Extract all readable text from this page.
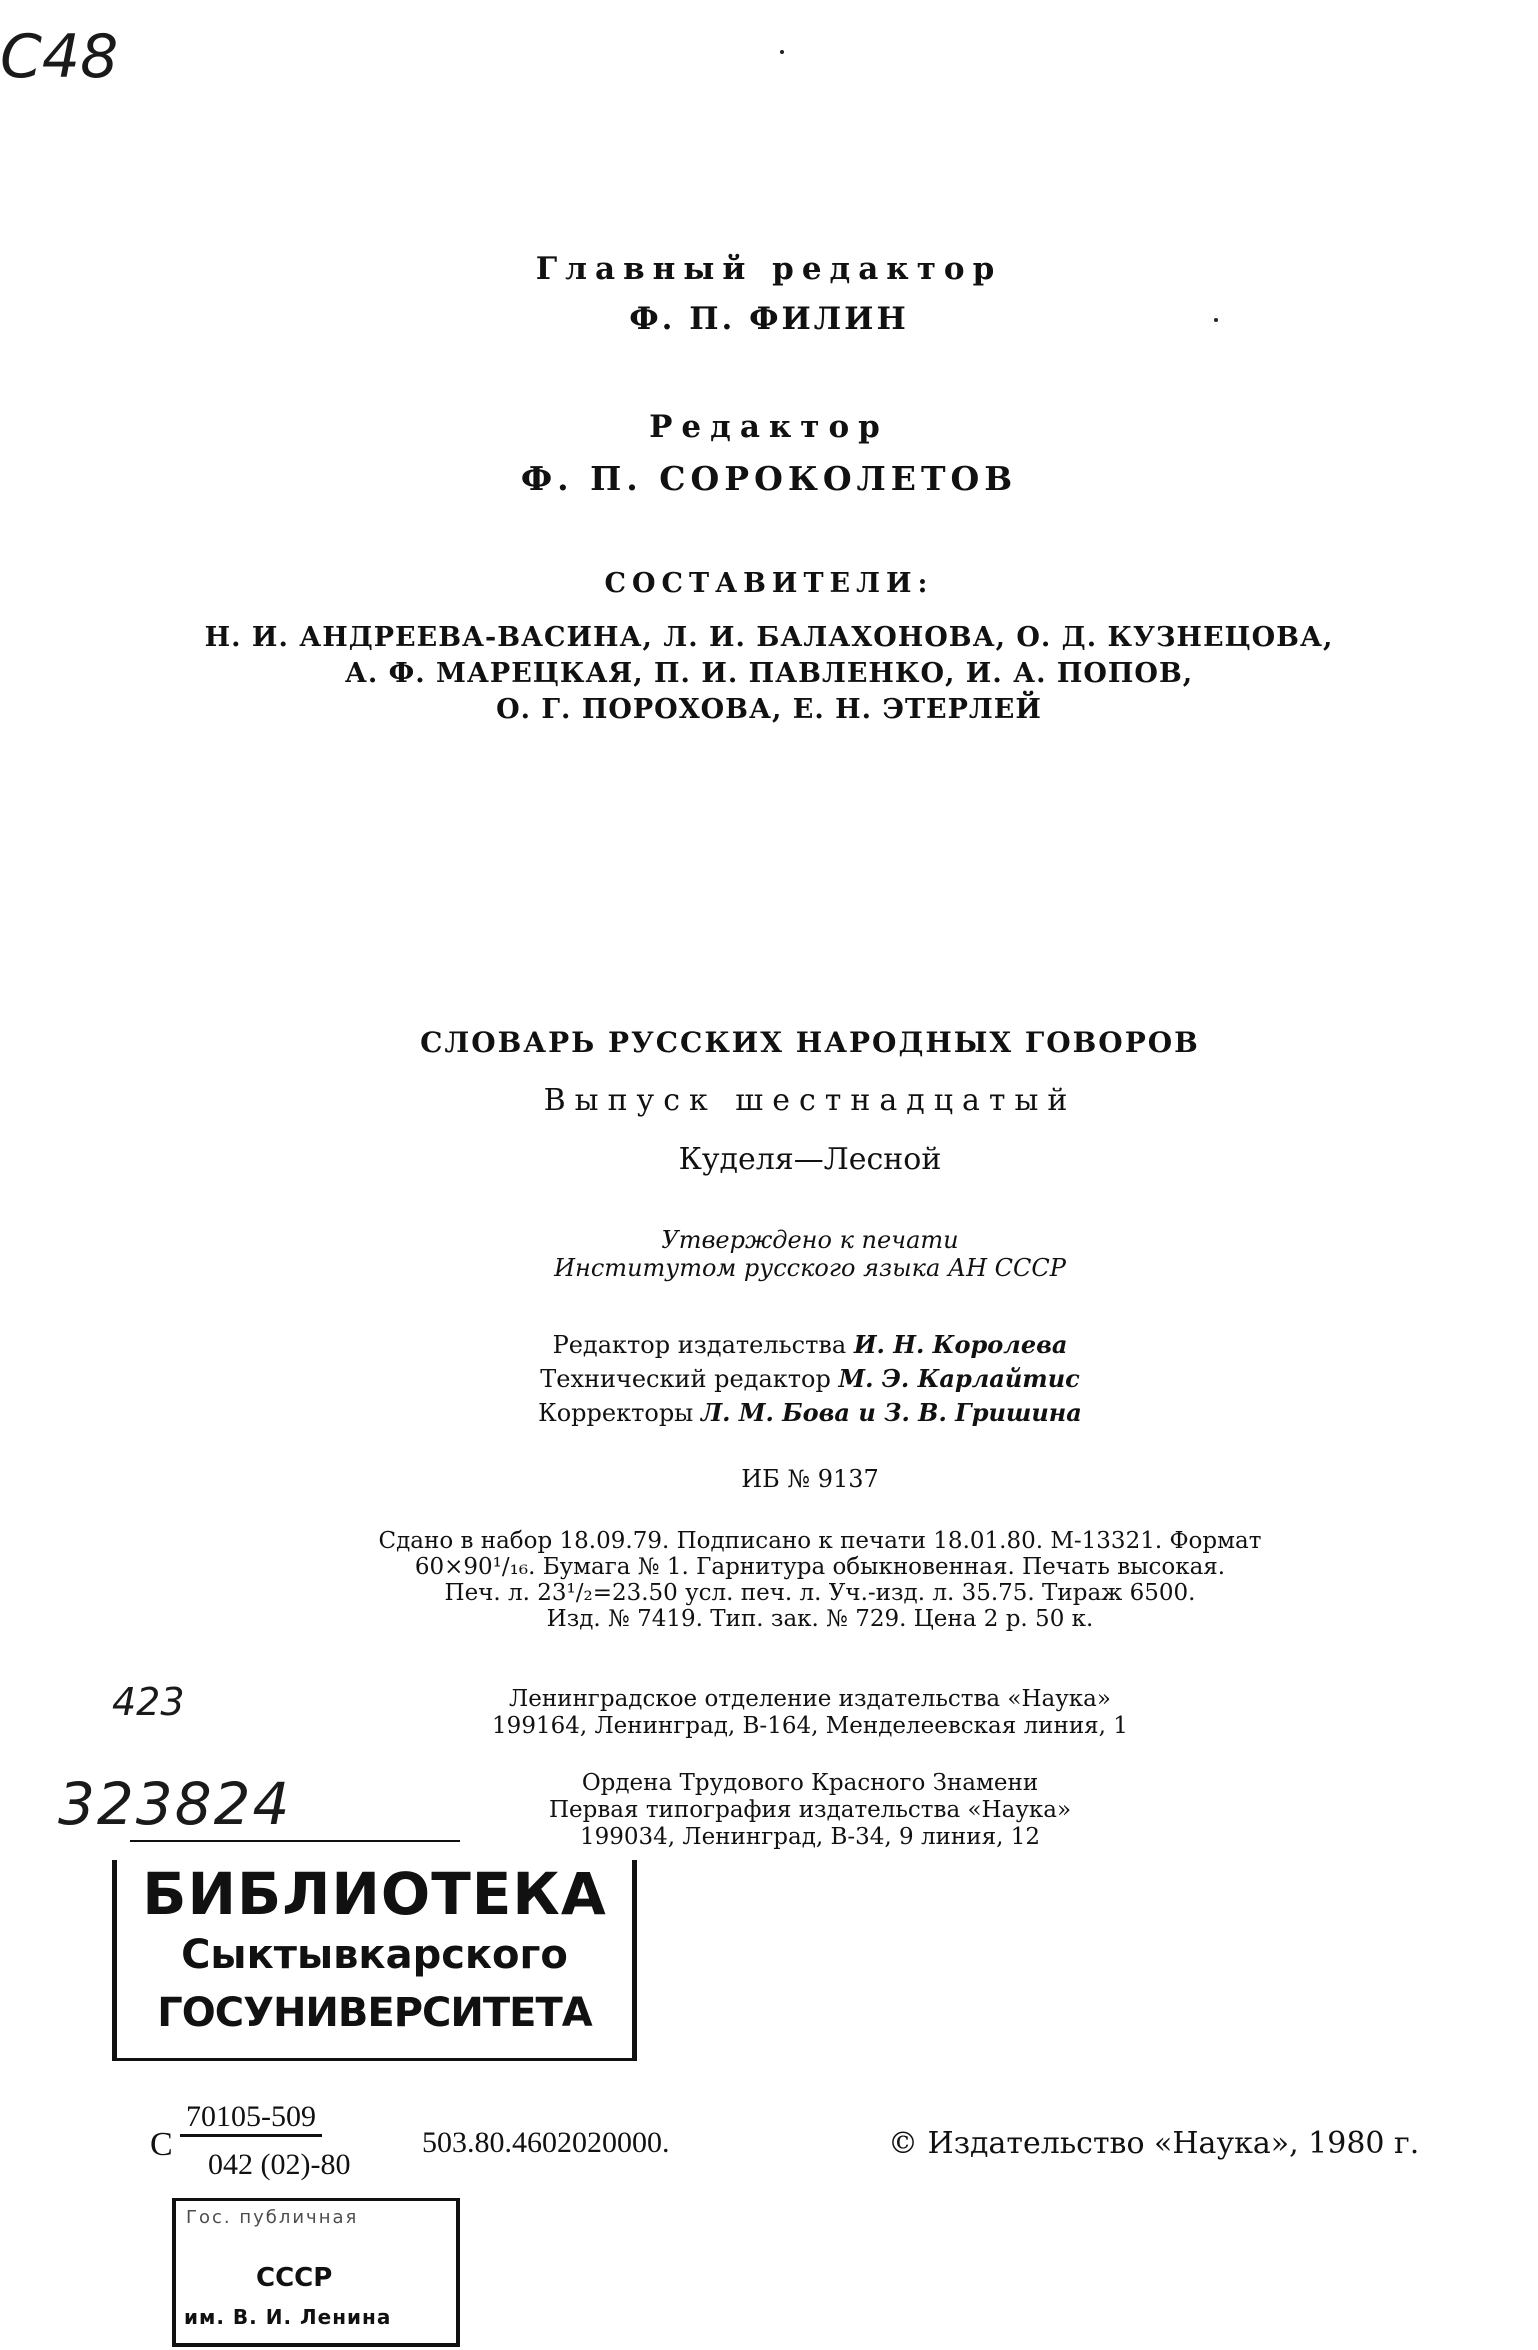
С48
423
323824
Главный редактор
Ф. П. ФИЛИН
Редактор
Ф. П. СОРОКОЛЕТОВ
СОСТАВИТЕЛИ:
Н. И. АНДРЕЕВА-ВАСИНА, Л. И. БАЛАХОНОВА, О. Д. КУЗНЕЦОВА,
А. Ф. МАРЕЦКАЯ, П. И. ПАВЛЕНКО, И. А. ПОПОВ,
О. Г. ПОРОХОВА, Е. Н. ЭТЕРЛЕЙ
СЛОВАРЬ РУССКИХ НАРОДНЫХ ГОВОРОВ
Выпуск шестнадцатый
Куделя—Лесной
Утверждено к печати
Институтом русского языка АН СССР
Редактор издательства И. Н. Королева
Технический редактор М. Э. Карлайтис
Корректоры Л. М. Бова и З. В. Гришина
ИБ № 9137
Сдано в набор 18.09.79. Подписано к печати 18.01.80. М-13321. Формат
60×90¹/₁₆. Бумага № 1. Гарнитура обыкновенная. Печать высокая.
Печ. л. 23¹/₂=23.50 усл. печ. л. Уч.-изд. л. 35.75. Тираж 6500.
Изд. № 7419. Тип. зак. № 729. Цена 2 р. 50 к.
Ленинградское отделение издательства «Наука»
199164, Ленинград, В-164, Менделеевская линия, 1
Ордена Трудового Красного Знамени
Первая типография издательства «Наука»
199034, Ленинград, В-34, 9 линия, 12
БИБЛИОТЕКА
Сыктывкарского
ГОСУНИВЕРСИТЕТА
С
70105-509
042 (02)-80
503.80.4602020000.	© Издательство «Наука», 1980 г.
Гос. публичная
СССР
им. В. И. Ленина
